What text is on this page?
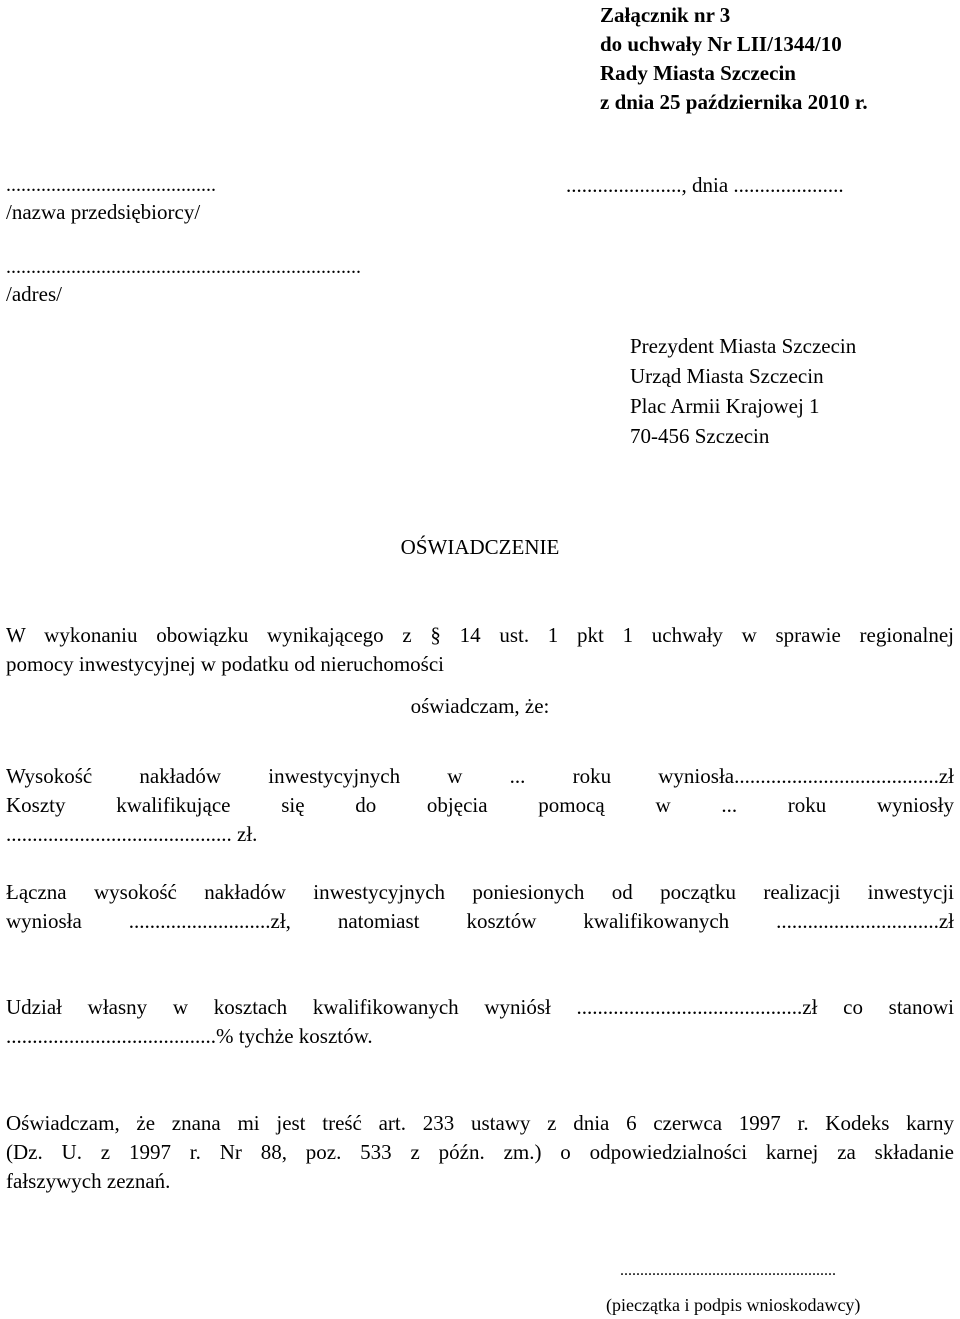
Załącznik nr 3
do uchwały Nr LII/1344/10
Rady Miasta Szczecin
z dnia 25 października 2010 r.
..........................................	......................, dnia .....................
/nazwa przedsiębiorcy/
.......................................................................
/adres/
Prezydent Miasta Szczecin
Urząd Miasta Szczecin
Plac Armii Krajowej 1
70-456 Szczecin
OŚWIADCZENIE
W wykonaniu obowiązku wynikającego z § 14 ust. 1 pkt 1 uchwały w sprawie regionalnej
pomocy inwestycyjnej w podatku od nieruchomości
oświadczam, że:
Wysokość nakładów inwestycyjnych w ... roku wyniosła.......................................zł
Koszty kwalifikujące się do objęcia pomocą w ... roku wyniosły
........................................... zł.
Łączna wysokość nakładów inwestycyjnych poniesionych od początku realizacji inwestycji
wyniosła ...........................zł, natomiast kosztów kwalifikowanych ...............................zł
Udział własny w kosztach kwalifikowanych wyniósł ...........................................zł co stanowi
........................................% tychże kosztów.
Oświadczam, że znana mi jest treść art. 233 ustawy z dnia 6 czerwca 1997 r. Kodeks karny
(Dz. U. z 1997 r. Nr 88, poz. 533 z późn. zm.) o odpowiedzialności karnej za składanie
fałszywych zeznań.
......................................................
(pieczątka i podpis wnioskodawcy)
